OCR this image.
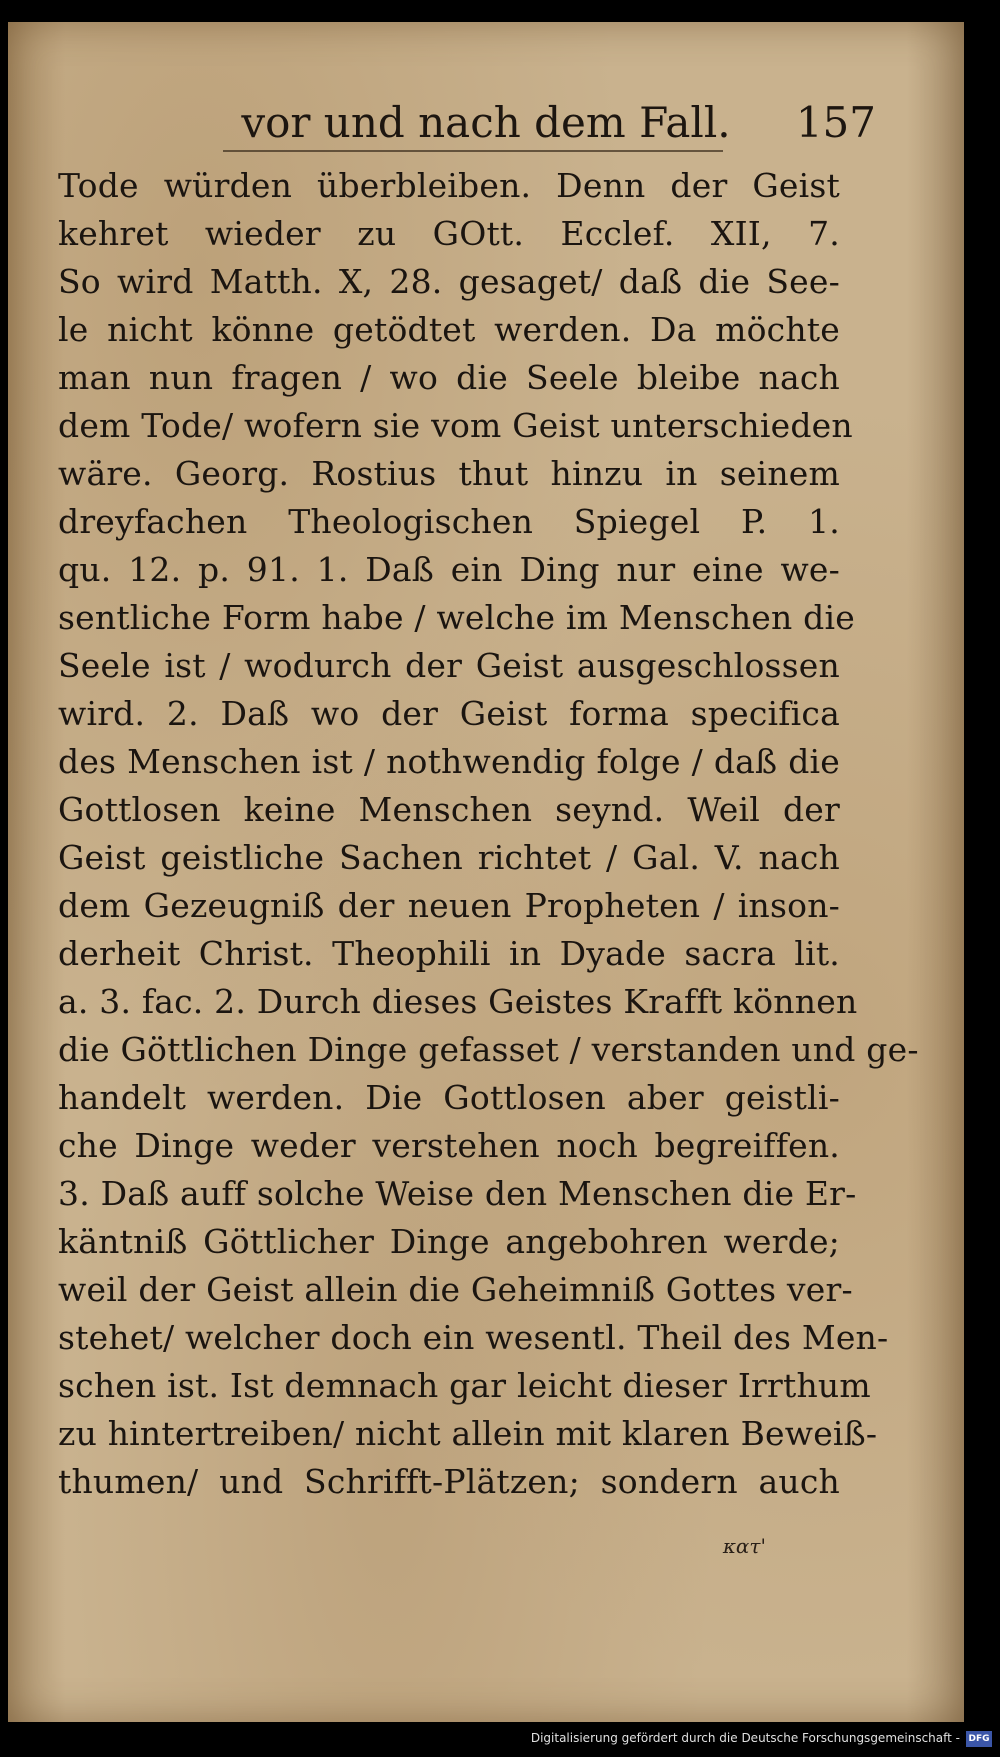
vor und nach dem Fall.	157
Tode würden überbleiben. Denn der Geist
kehret wieder zu GOtt. Ecclef. XII, 7.
So wird Matth. X, 28. gesaget/ daß die See-
le nicht könne getödtet werden. Da möchte
man nun fragen / wo die Seele bleibe nach
dem Tode/ wofern sie vom Geist unterschieden
wäre. Georg. Rostius thut hinzu in seinem
dreyfachen Theologischen Spiegel P. 1.
qu. 12. p. 91. 1. Daß ein Ding nur eine we-
sentliche Form habe / welche im Menschen die
Seele ist / wodurch der Geist ausgeschlossen
wird. 2. Daß wo der Geist forma specifica
des Menschen ist / nothwendig folge / daß die
Gottlosen keine Menschen seynd. Weil der
Geist geistliche Sachen richtet / Gal. V. nach
dem Gezeugniß der neuen Propheten / inson-
derheit Christ. Theophili in Dyade sacra lit.
a. 3. fac. 2. Durch dieses Geistes Krafft können
die Göttlichen Dinge gefasset / verstanden und ge-
handelt werden. Die Gottlosen aber geistli-
che Dinge weder verstehen noch begreiffen.
3. Daß auff solche Weise den Menschen die Er-
käntniß Göttlicher Dinge angebohren werde;
weil der Geist allein die Geheimniß Gottes ver-
stehet/ welcher doch ein wesentl. Theil des Men-
schen ist. Ist demnach gar leicht dieser Irrthum
zu hintertreiben/ nicht allein mit klaren Beweiß-
thumen/ und Schrifft-Plätzen; sondern auch
κατ'
Digitalisierung gefördert durch die Deutsche Forschungsgemeinschaft - DFG
